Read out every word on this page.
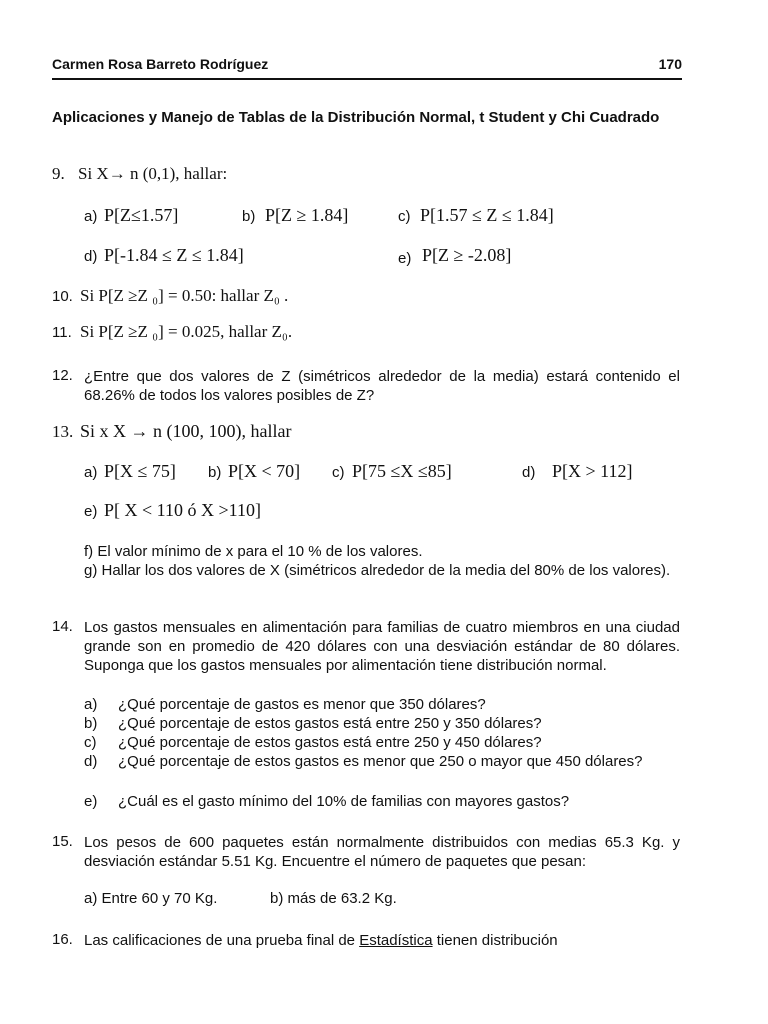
Carmen Rosa Barreto Rodríguez	170
Aplicaciones y Manejo de Tablas de la Distribución Normal, t Student y Chi Cuadrado
9. Si X→ n (0,1), hallar:
a) P[Z≤1.57]	b) P[Z ≥ 1.84]	c) P[1.57 ≤ Z ≤ 1.84]
d) P[-1.84 ≤ Z ≤ 1.84]	e) P[Z ≥ -2.08]
10. Si P[Z ≥Z ₀] = 0.50: hallar Z₀ .
11. Si P[Z ≥Z ₀] = 0.025, hallar Z₀.
12. ¿Entre que dos valores de Z (simétricos alrededor de la media) estará contenido el 68.26% de todos los valores posibles de Z?
13. Si x X → n (100, 100), hallar
a) P[X ≤ 75] b) P[X < 70] c) P[75 ≤X ≤85]	d) P[X > 112]
e) P[ X < 110 ó X >110]
f) El valor mínimo de x para el 10 % de los valores.
g) Hallar los dos valores de X (simétricos alrededor de la media del 80% de los valores).
14. Los gastos mensuales en alimentación para familias de cuatro miembros en una ciudad grande son en promedio de 420 dólares con una desviación estándar de 80 dólares. Suponga que los gastos mensuales por alimentación tiene distribución normal.
a) ¿Qué porcentaje de gastos es menor que 350 dólares?
b) ¿Qué porcentaje de estos gastos está entre 250 y 350 dólares?
c) ¿Qué porcentaje de estos gastos está entre 250 y 450 dólares?
d) ¿Qué porcentaje de estos gastos es menor que 250 o mayor que 450 dólares?
e) ¿Cuál es el gasto mínimo del 10% de familias con mayores gastos?
15. Los pesos de 600 paquetes están normalmente distribuidos con medias 65.3 Kg. y desviación estándar 5.51 Kg. Encuentre el número de paquetes que pesan:
a) Entre 60 y 70 Kg.	b) más de 63.2 Kg.
16. Las calificaciones de una prueba final de Estadística tienen distribución
